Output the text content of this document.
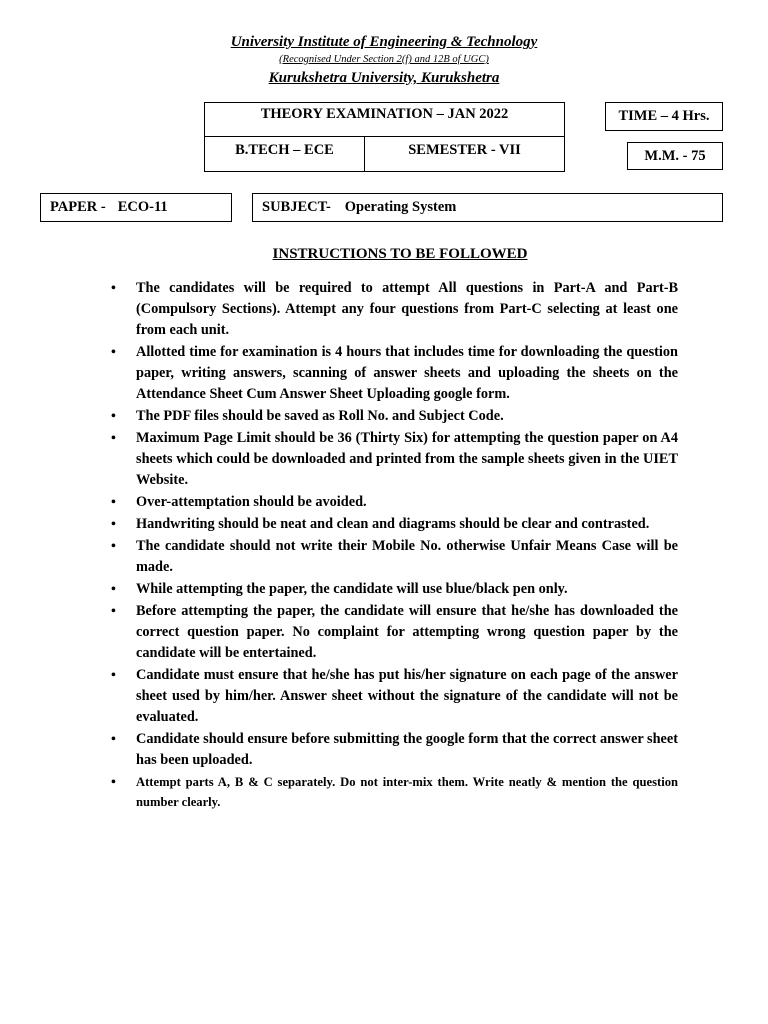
University Institute of Engineering & Technology
(Recognised Under Section 2(f) and 12B of UGC)
Kurukshetra University, Kurukshetra
THEORY EXAMINATION – JAN 2022
B.TECH – ECE	SEMESTER - VII
TIME – 4 Hrs.
M.M. - 75
PAPER - ECO-11	SUBJECT- Operating System
INSTRUCTIONS TO BE FOLLOWED
• The candidates will be required to attempt All questions in Part-A and Part-B (Compulsory Sections). Attempt any four questions from Part-C selecting at least one from each unit.
• Allotted time for examination is 4 hours that includes time for downloading the question paper, writing answers, scanning of answer sheets and uploading the sheets on the Attendance Sheet Cum Answer Sheet Uploading google form.
• The PDF files should be saved as Roll No. and Subject Code.
• Maximum Page Limit should be 36 (Thirty Six) for attempting the question paper on A4 sheets which could be downloaded and printed from the sample sheets given in the UIET Website.
• Over-attemptation should be avoided.
• Handwriting should be neat and clean and diagrams should be clear and contrasted.
• The candidate should not write their Mobile No. otherwise Unfair Means Case will be made.
• While attempting the paper, the candidate will use blue/black pen only.
• Before attempting the paper, the candidate will ensure that he/she has downloaded the correct question paper. No complaint for attempting wrong question paper by the candidate will be entertained.
• Candidate must ensure that he/she has put his/her signature on each page of the answer sheet used by him/her. Answer sheet without the signature of the candidate will not be evaluated.
• Candidate should ensure before submitting the google form that the correct answer sheet has been uploaded.
• Attempt parts A, B & C separately. Do not inter-mix them. Write neatly & mention the question number clearly.
